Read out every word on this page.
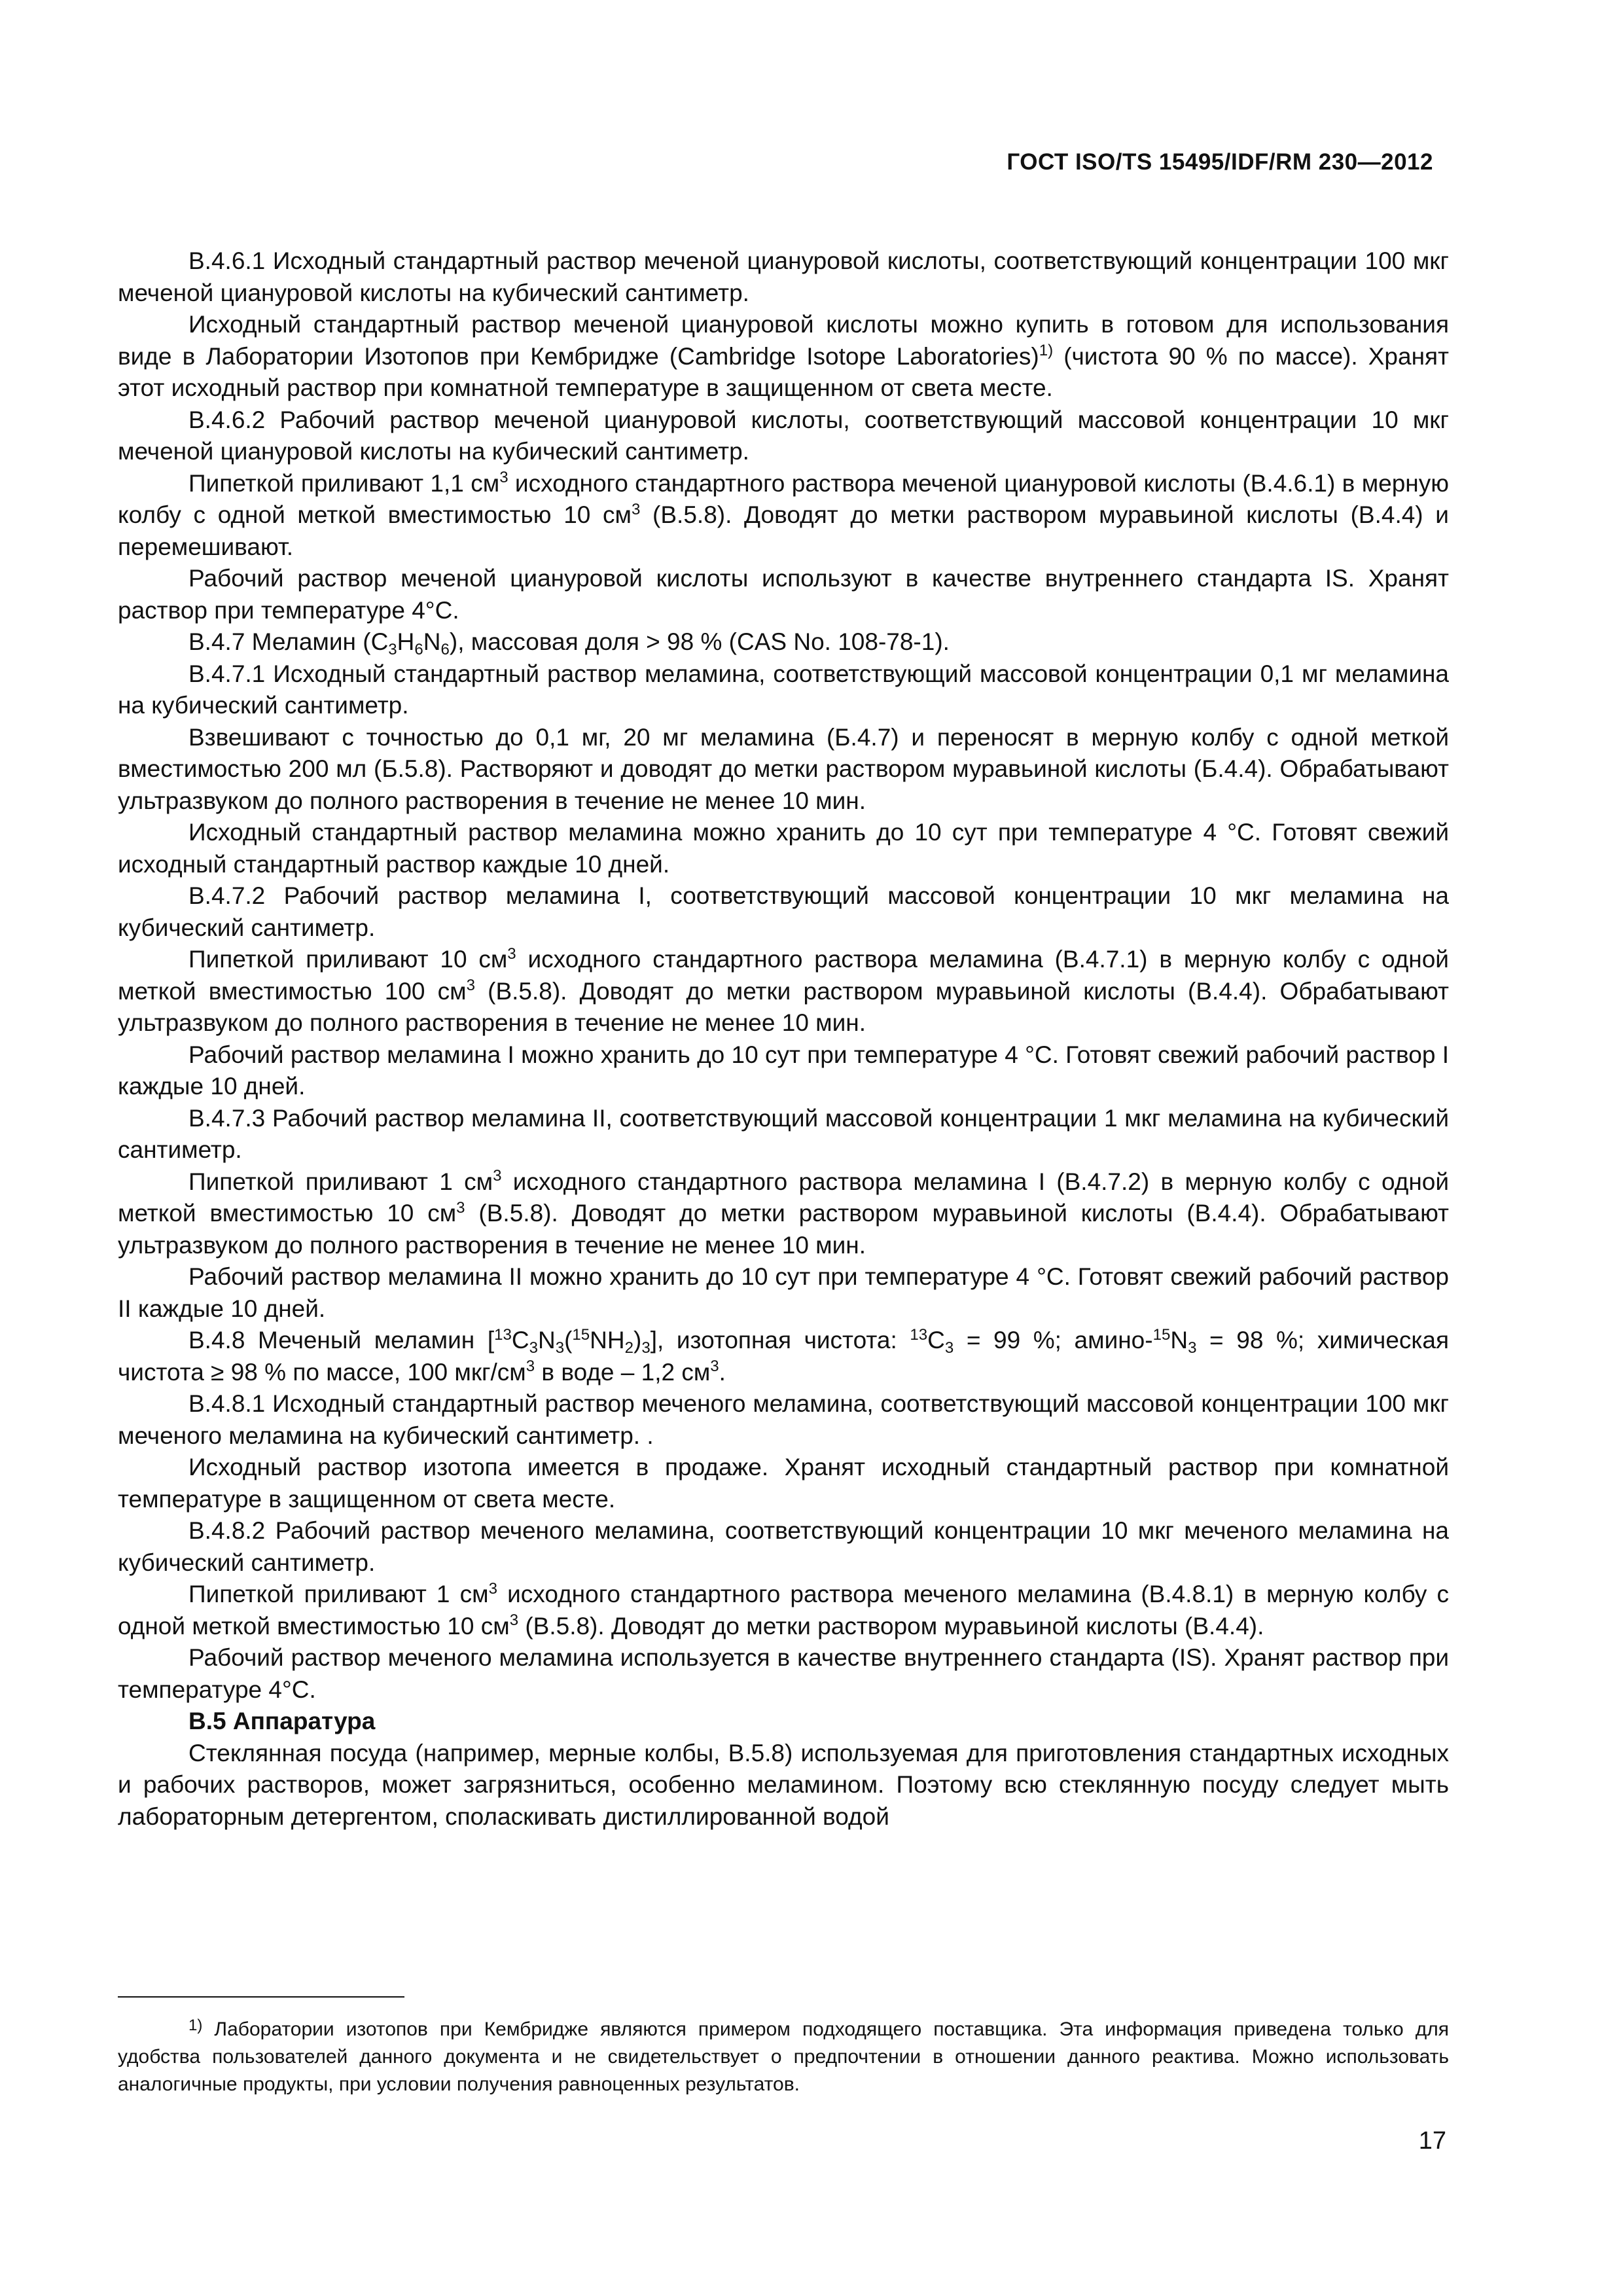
ГОСТ ISO/TS 15495/IDF/RM 230—2012

В.4.6.1 Исходный стандартный раствор меченой циануровой кислоты, соответствующий концентрации 100 мкг меченой циануровой кислоты на кубический сантиметр.

Исходный стандартный раствор меченой циануровой кислоты можно купить в готовом для использования виде в Лаборатории Изотопов при Кембридже (Cambridge Isotope Laboratories)$^{1)}$ (чистота 90 % по массе). Хранят этот исходный раствор при комнатной температуре в защищенном от света месте.

В.4.6.2 Рабочий раствор меченой циануровой кислоты, соответствующий массовой концентрации 10 мкг меченой циануровой кислоты на кубический сантиметр.

Пипеткой приливают 1,1 $см^3$ исходного стандартного раствора меченой циануровой кислоты (В.4.6.1) в мерную колбу с одной меткой вместимостью 10 $см^3$ (В.5.8). Доводят до метки раствором муравьиной кислоты (В.4.4) и перемешивают.

Рабочий раствор меченой циануровой кислоты используют в качестве внутреннего стандарта IS. Хранят раствор при температуре 4°С.

В.4.7 Меламин $(C_3H_6N_6)$, массовая доля > 98 % (CAS No. 108-78-1).

В.4.7.1 Исходный стандартный раствор меламина, соответствующий массовой концентрации 0,1 мг меламина на кубический сантиметр.

Взвешивают с точностью до 0,1 мг, 20 мг меламина (Б.4.7) и переносят в мерную колбу с одной меткой вместимостью 200 мл (Б.5.8). Растворяют и доводят до метки раствором муравьиной кислоты (Б.4.4). Обрабатывают ультразвуком до полного растворения в течение не менее 10 мин.

Исходный стандартный раствор меламина можно хранить до 10 сут при температуре 4 °С. Готовят свежий исходный стандартный раствор каждые 10 дней.

В.4.7.2 Рабочий раствор меламина I, соответствующий массовой концентрации 10 мкг меламина на кубический сантиметр.

Пипеткой приливают 10 $см^3$ исходного стандартного раствора меламина (В.4.7.1) в мерную колбу с одной меткой вместимостью 100 $см^3$ (В.5.8). Доводят до метки раствором муравьиной кислоты (В.4.4). Обрабатывают ультразвуком до полного растворения в течение не менее 10 мин.

Рабочий раствор меламина I можно хранить до 10 сут при температуре 4 °С. Готовят свежий рабочий раствор I каждые 10 дней.

В.4.7.3 Рабочий раствор меламина II, соответствующий массовой концентрации 1 мкг меламина на кубический сантиметр.

Пипеткой приливают 1 $см^3$ исходного стандартного раствора меламина I (В.4.7.2) в мерную колбу с одной меткой вместимостью 10 $см^3$ (В.5.8). Доводят до метки раствором муравьиной кислоты (В.4.4). Обрабатывают ультразвуком до полного растворения в течение не менее 10 мин.

Рабочий раствор меламина II можно хранить до 10 сут при температуре 4 °С. Готовят свежий рабочий раствор II каждые 10 дней.

В.4.8 Меченый меламин $[^{13}C_3N_3(^{15}NH_2)_3]$, изотопная чистота: $^{13}C_3 = 99$ %; амино-$^{15}N_3 = 98$ %; химическая чистота ≥ 98 % по массе, 100 мкг/$см^3$ в воде – 1,2 $см^3$.

В.4.8.1 Исходный стандартный раствор меченого меламина, соответствующий массовой концентрации 100 мкг меченого меламина на кубический сантиметр. .

Исходный раствор изотопа имеется в продаже. Хранят исходный стандартный раствор при комнатной температуре в защищенном от света месте.

В.4.8.2 Рабочий раствор меченого меламина, соответствующий концентрации 10 мкг меченого меламина на кубический сантиметр.

Пипеткой приливают 1 $см^3$ исходного стандартного раствора меченого меламина (В.4.8.1) в мерную колбу с одной меткой вместимостью 10 $см^3$ (В.5.8). Доводят до метки раствором муравьиной кислоты (В.4.4).

Рабочий раствор меченого меламина используется в качестве внутреннего стандарта (IS). Хранят раствор при температуре 4°С.

В.5 Аппаратура

Стеклянная посуда (например, мерные колбы, В.5.8) используемая для приготовления стандартных исходных и рабочих растворов, может загрязниться, особенно меламином. Поэтому всю стеклянную посуду следует мыть лабораторным детергентом, споласкивать дистиллированной водой

$^{1)}$ Лаборатории изотопов при Кембридже являются примером подходящего поставщика. Эта информация приведена только для удобства пользователей данного документа и не свидетельствует о предпочтении в отношении данного реактива. Можно использовать аналогичные продукты, при условии получения равноценных результатов.
17
